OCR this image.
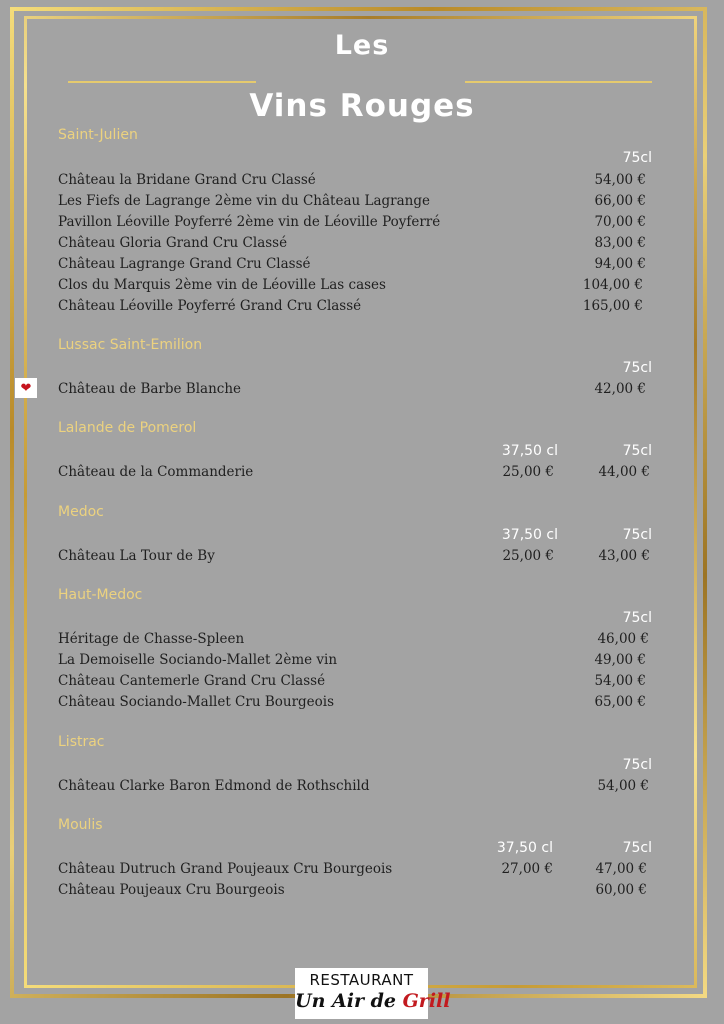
Les
Vins Rouges
Saint-Julien
75cl
Château la Bridane Grand Cru Classé	54,00 €
Les Fiefs de Lagrange 2ème vin du Château Lagrange	66,00 €
Pavillon Léoville Poyferré 2ème vin de Léoville Poyferré	70,00 €
Château Gloria Grand Cru Classé	83,00 €
Château Lagrange Grand Cru Classé	94,00 €
Clos du Marquis 2ème vin de Léoville Las cases	104,00 €
Château Léoville Poyferré Grand Cru Classé	165,00 €
Lussac Saint-Emilion
75cl
❤ Château de Barbe Blanche	42,00 €
Lalande de Pomerol
37,50 cl	75cl
Château de la Commanderie	25,00 €	44,00 €
Medoc
37,50 cl	75cl
Château La Tour de By	25,00 €	43,00 €
Haut-Medoc
75cl
Héritage de Chasse-Spleen	46,00 €
La Demoiselle Sociando-Mallet 2ème vin	49,00 €
Château Cantemerle Grand Cru Classé	54,00 €
Château Sociando-Mallet Cru Bourgeois	65,00 €
Listrac
75cl
Château Clarke Baron Edmond de Rothschild	54,00 €
Moulis
37,50 cl	75cl
Château Dutruch Grand Poujeaux Cru Bourgeois	27,00 €	47,00 €
Château Poujeaux Cru Bourgeois	60,00 €
RESTAURANT
Un Air de Grill
